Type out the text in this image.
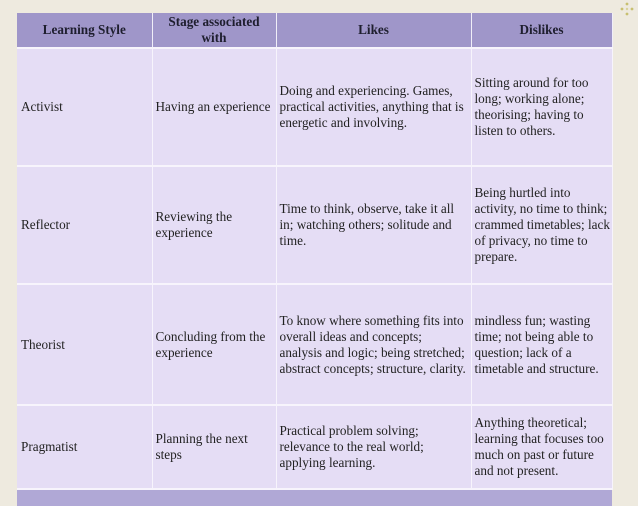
Learning Style	Stage associated with	Likes	Dislikes
Activist	Having an experience	Doing and experiencing. Games, practical activities, anything that is energetic and involving.	Sitting around for too long; working alone; theorising; having to listen to others.
Reflector	Reviewing the experience	Time to think, observe, take it all in; watching others; solitude and time.	Being hurtled into activity, no time to think; crammed timetables; lack of privacy, no time to prepare.
Theorist	Concluding from the experience	To know where something fits into overall ideas and concepts; analysis and logic; being stretched; abstract concepts; structure, clarity.	mindless fun; wasting time; not being able to question; lack of a timetable and structure.
Pragmatist	Planning the next steps	Practical problem solving; relevance to the real world; applying learning.	Anything theoretical; learning that focuses too much on past or future and not present.
